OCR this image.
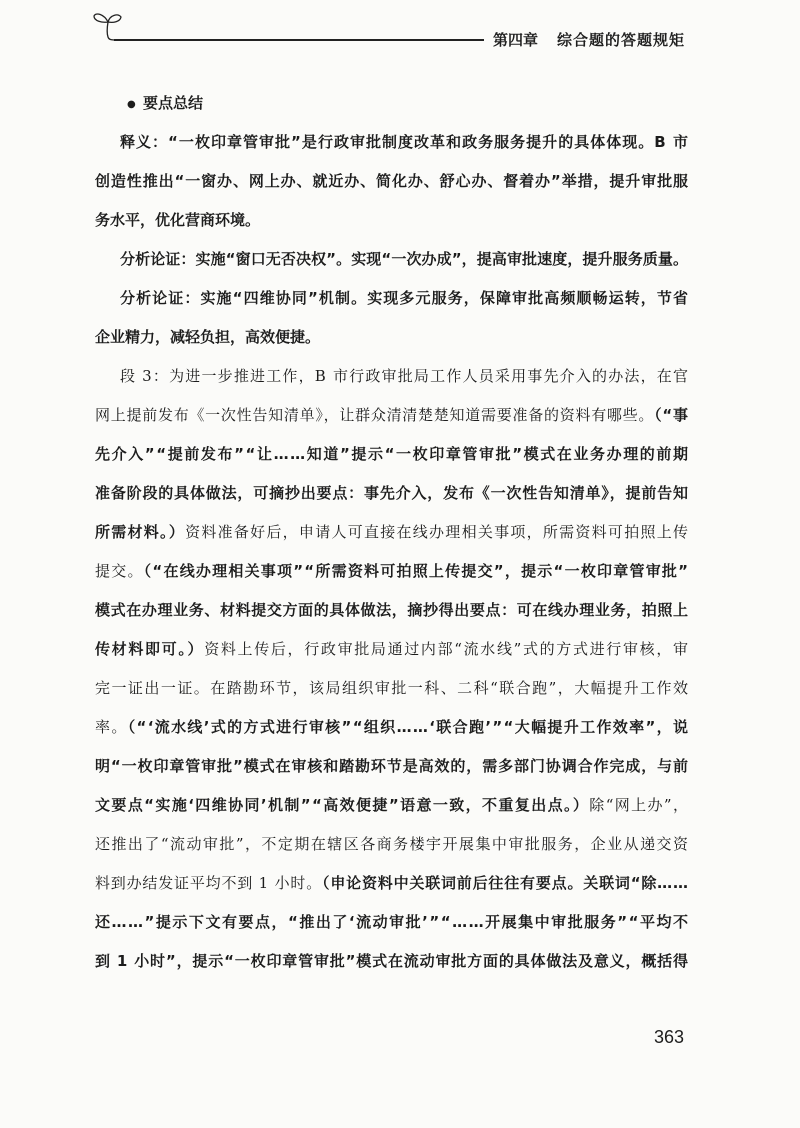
第四章 综合题的答题规矩
●要点总结
释义：“一枚印章管审批”是行政审批制度改革和政务服务提升的具体体现。B 市
创造性推出“一窗办、网上办、就近办、简化办、舒心办、督着办”举措，提升审批服
务水平，优化营商环境。
分析论证：实施“窗口无否决权”。实现“一次办成”，提高审批速度，提升服务质量。
分析论证：实施“四维协同”机制。实现多元服务，保障审批高频顺畅运转，节省
企业精力，减轻负担，高效便捷。
段 3：为进一步推进工作，B 市行政审批局工作人员采用事先介入的办法，在官
网上提前发布《一次性告知清单》，让群众清清楚楚知道需要准备的资料有哪些。（“事
先介入”“提前发布”“让……知道”提示“一枚印章管审批”模式在业务办理的前期
准备阶段的具体做法，可摘抄出要点：事先介入，发布《一次性告知清单》，提前告知
所需材料。）资料准备好后，申请人可直接在线办理相关事项，所需资料可拍照上传
提交。（“在线办理相关事项”“所需资料可拍照上传提交”，提示“一枚印章管审批”
模式在办理业务、材料提交方面的具体做法，摘抄得出要点：可在线办理业务，拍照上
传材料即可。）资料上传后，行政审批局通过内部“流水线”式的方式进行审核，审
完一证出一证。在踏勘环节，该局组织审批一科、二科“联合跑”，大幅提升工作效
率。（“‘流水线’式的方式进行审核”“组织……‘联合跑’”“大幅提升工作效率”，说
明“一枚印章管审批”模式在审核和踏勘环节是高效的，需多部门协调合作完成，与前
文要点“实施‘四维协同’机制”“高效便捷”语意一致，不重复出点。）除“网上办”，
还推出了“流动审批”，不定期在辖区各商务楼宇开展集中审批服务，企业从递交资
料到办结发证平均不到 1 小时。（申论资料中关联词前后往往有要点。关联词“除……
还……”提示下文有要点，“推出了‘流动审批’”“……开展集中审批服务”“平均不
到 1 小时”，提示“一枚印章管审批”模式在流动审批方面的具体做法及意义，概括得
363
